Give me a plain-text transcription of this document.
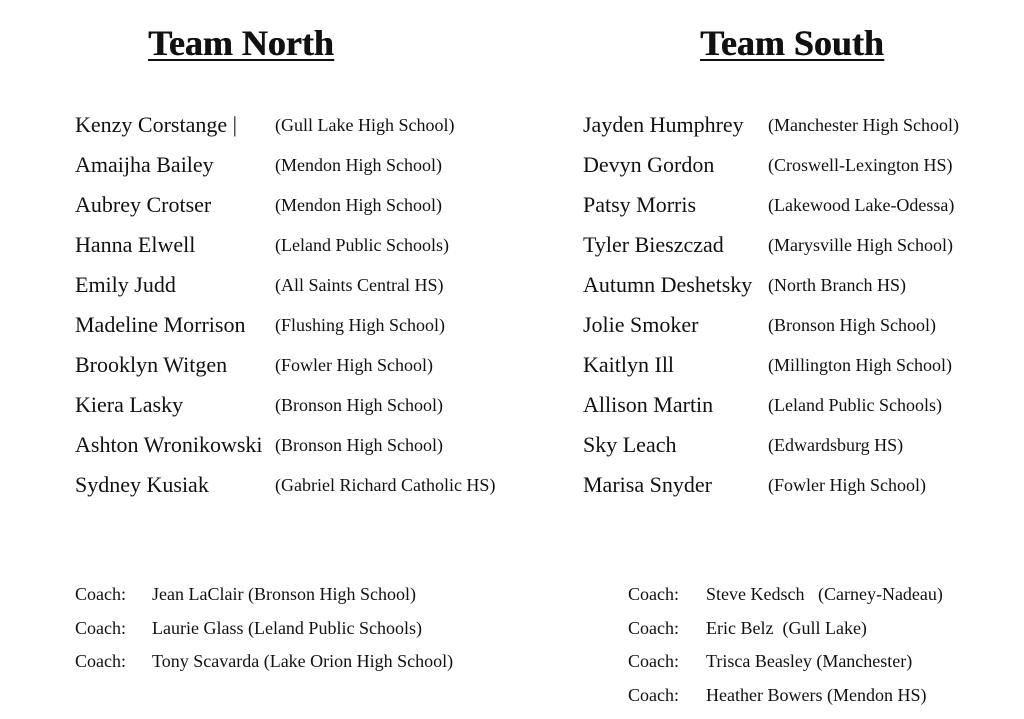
Team North	Team South
Kenzy Corstange | (Gull Lake High School)
Amaijha Bailey	(Mendon High School)
Aubrey Crotser	(Mendon High School)
Hanna Elwell	(Leland Public Schools)
Emily Judd	(All Saints Central HS)
Madeline Morrison (Flushing High School)
Brooklyn Witgen	(Fowler High School)
Kiera Lasky	(Bronson High School)
Ashton Wronikowski (Bronson High School)
Sydney Kusiak	(Gabriel Richard Catholic HS)
Jayden Humphrey (Manchester High School)
Devyn Gordon	(Croswell-Lexington HS)
Patsy Morris	(Lakewood Lake-Odessa)
Tyler Bieszczad (Marysville High School)
Autumn Deshetsky (North Branch HS)
Jolie Smoker	(Bronson High School)
Kaitlyn Ill	(Millington High School)
Allison Martin	(Leland Public Schools)
Sky Leach	(Edwardsburg HS)
Marisa Snyder	(Fowler High School)
Coach: Jean LaClair (Bronson High School)
Coach: Laurie Glass (Leland Public Schools)
Coach: Tony Scavarda (Lake Orion High School)
Coach: Steve Kedsch   (Carney-Nadeau)
Coach: Eric Belz  (Gull Lake)
Coach: Trisca Beasley (Manchester)
Coach: Heather Bowers (Mendon HS)
